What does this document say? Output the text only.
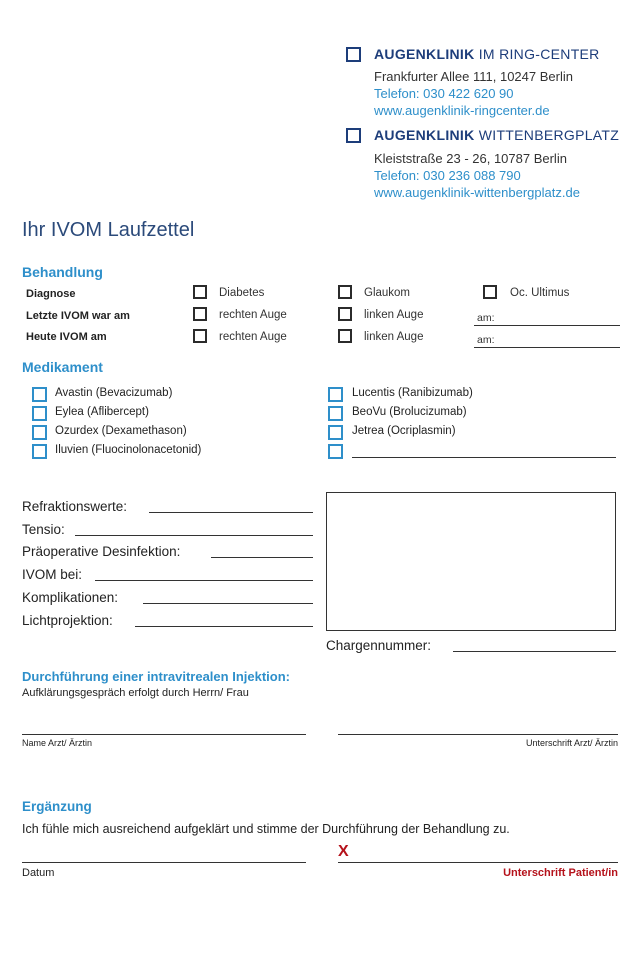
AUGENKLINIK IM RING-CENTER
Frankfurter Allee 111, 10247 Berlin
Telefon: 030 422 620 90
www.augenklinik-ringcenter.de
AUGENKLINIK WITTENBERGPLATZ
Kleiststraße 23 - 26, 10787 Berlin
Telefon: 030 236 088 790
www.augenklinik-wittenbergplatz.de
Ihr IVOM Laufzettel
Behandlung
Diagnose	Diabetes	Glaukom	Oc. Ultimus
Letzte IVOM war am	rechten Auge	linken Auge	am:
Heute IVOM am	rechten Auge	linken Auge	am:
Medikament
Avastin (Bevacizumab)
Eylea (Aflibercept)
Ozurdex (Dexamethason)
Iluvien (Fluocinolonacetonid)
Lucentis (Ranibizumab)
BeoVu (Brolucizumab)
Jetrea (Ocriplasmin)
Refraktionswerte:
Tensio:
Präoperative Desinfektion:
IVOM bei:
Komplikationen:
Lichtprojektion:
Chargennummer:
Durchführung einer intravitrealen Injektion:
Aufklärungsgespräch erfolgt durch Herrn/ Frau
Name Arzt/ Ärztin	Unterschrift Arzt/ Ärztin
Ergänzung
Ich fühle mich ausreichend aufgeklärt und stimme der Durchführung der Behandlung zu.
Datum
X
Unterschrift Patient/in
